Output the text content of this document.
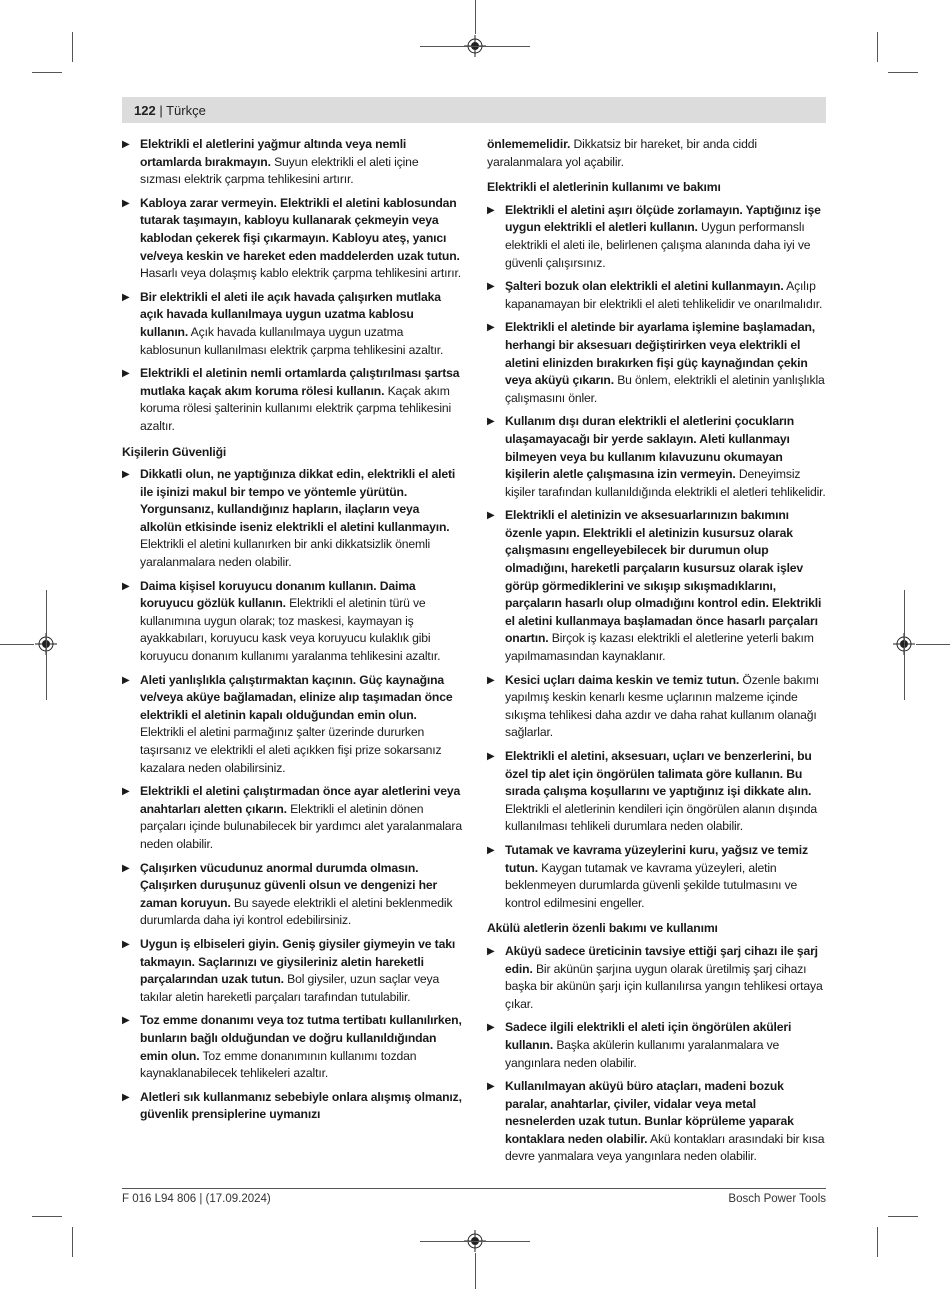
122 | Türkçe
▶ Elektrikli el aletlerini yağmur altında veya nemli ortamlarda bırakmayın. Suyun elektrikli el aleti içine sızması elektrik çarpma tehlikesini artırır.
▶ Kabloya zarar vermeyin. Elektrikli el aletini kablosundan tutarak taşımayın, kabloyu kullanarak çekmeyin veya kablodan çekerek fişi çıkarmayın. Kabloyu ateş, yanıcı ve/veya keskin ve hareket eden maddelerden uzak tutun. Hasarlı veya dolaşmış kablo elektrik çarpma tehlikesini artırır.
▶ Bir elektrikli el aleti ile açık havada çalışırken mutlaka açık havada kullanılmaya uygun uzatma kablosu kullanın. Açık havada kullanılmaya uygun uzatma kablosunun kullanılması elektrik çarpma tehlikesini azaltır.
▶ Elektrikli el aletinin nemli ortamlarda çalıştırılması şartsa mutlaka kaçak akım koruma rölesi kullanın. Kaçak akım koruma rölesi şalterinin kullanımı elektrik çarpma tehlikesini azaltır.
Kişilerin Güvenliği
▶ Dikkatli olun, ne yaptığınıza dikkat edin, elektrikli el aleti ile işinizi makul bir tempo ve yöntemle yürütün. Yorgunsanız, kullandığınız hapların, ilaçların veya alkolün etkisinde iseniz elektrikli el aletini kullanmayın. Elektrikli el aletini kullanırken bir anki dikkatsizlik önemli yaralanmalara neden olabilir.
▶ Daima kişisel koruyucu donanım kullanın. Daima koruyucu gözlük kullanın. Elektrikli el aletinin türü ve kullanımına uygun olarak; toz maskesi, kaymayan iş ayakkabıları, koruyucu kask veya koruyucu kulaklık gibi koruyucu donanım kullanımı yaralanma tehlikesini azaltır.
▶ Aleti yanlışlıkla çalıştırmaktan kaçının. Güç kaynağına ve/veya aküye bağlamadan, elinize alıp taşımadan önce elektrikli el aletinin kapalı olduğundan emin olun. Elektrikli el aletini parmağınız şalter üzerinde dururken taşırsanız ve elektrikli el aleti açıkken fişi prize sokarsanız kazalara neden olabilirsiniz.
▶ Elektrikli el aletini çalıştırmadan önce ayar aletlerini veya anahtarları aletten çıkarın. Elektrikli el aletinin dönen parçaları içinde bulunabilecek bir yardımcı alet yaralanmalara neden olabilir.
▶ Çalışırken vücudunuz anormal durumda olmasın. Çalışırken duruşunuz güvenli olsun ve dengenizi her zaman koruyun. Bu sayede elektrikli el aletini beklenmedik durumlarda daha iyi kontrol edebilirsiniz.
▶ Uygun iş elbiseleri giyin. Geniş giysiler giymeyin ve takı takmayın. Saçlarınızı ve giysileriniz aletin hareketli parçalarından uzak tutun. Bol giysiler, uzun saçlar veya takılar aletin hareketli parçaları tarafından tutulabilir.
▶ Toz emme donanımı veya toz tutma tertibatı kullanılırken, bunların bağlı olduğundan ve doğru kullanıldığından emin olun. Toz emme donanımının kullanımı tozdan kaynaklanabilecek tehlikeleri azaltır.
▶ Aletleri sık kullanmanız sebebiyle onlara alışmış olmanız, güvenlik prensiplerine uymanızı
önlememelidir. Dikkatsiz bir hareket, bir anda ciddi yaralanmalara yol açabilir.
Elektrikli el aletlerinin kullanımı ve bakımı
▶ Elektrikli el aletini aşırı ölçüde zorlamayın. Yaptığınız işe uygun elektrikli el aletleri kullanın. Uygun performanslı elektrikli el aleti ile, belirlenen çalışma alanında daha iyi ve güvenli çalışırsınız.
▶ Şalteri bozuk olan elektrikli el aletini kullanmayın. Açılıp kapanamayan bir elektrikli el aleti tehlikelidir ve onarılmalıdır.
▶ Elektrikli el aletinde bir ayarlama işlemine başlamadan, herhangi bir aksesuarı değiştirirken veya elektrikli el aletini elinizden bırakırken fişi güç kaynağından çekin veya aküyü çıkarın. Bu önlem, elektrikli el aletinin yanlışlıkla çalışmasını önler.
▶ Kullanım dışı duran elektrikli el aletlerini çocukların ulaşamayacağı bir yerde saklayın. Aleti kullanmayı bilmeyen veya bu kullanım kılavuzunu okumayan kişilerin aletle çalışmasına izin vermeyin. Deneyimsiz kişiler tarafından kullanıldığında elektrikli el aletleri tehlikelidir.
▶ Elektrikli el aletinizin ve aksesuarlarınızın bakımını özenle yapın. Elektrikli el aletinizin kusursuz olarak çalışmasını engelleyebilecek bir durumun olup olmadığını, hareketli parçaların kusursuz olarak işlev görüp görmediklerini ve sıkışıp sıkışmadıklarını, parçaların hasarlı olup olmadığını kontrol edin. Elektrikli el aletini kullanmaya başlamadan önce hasarlı parçaları onartın. Birçok iş kazası elektrikli el aletlerine yeterli bakım yapılmamasından kaynaklanır.
▶ Kesici uçları daima keskin ve temiz tutun. Özenle bakımı yapılmış keskin kenarlı kesme uçlarının malzeme içinde sıkışma tehlikesi daha azdır ve daha rahat kullanım olanağı sağlarlar.
▶ Elektrikli el aletini, aksesuarı, uçları ve benzerlerini, bu özel tip alet için öngörülen talimata göre kullanın. Bu sırada çalışma koşullarını ve yaptığınız işi dikkate alın. Elektrikli el aletlerinin kendileri için öngörülen alanın dışında kullanılması tehlikeli durumlara neden olabilir.
▶ Tutamak ve kavrama yüzeylerini kuru, yağsız ve temiz tutun. Kaygan tutamak ve kavrama yüzeyleri, aletin beklenmeyen durumlarda güvenli şekilde tutulmasını ve kontrol edilmesini engeller.
Akülü aletlerin özenli bakımı ve kullanımı
▶ Aküyü sadece üreticinin tavsiye ettiği şarj cihazı ile şarj edin. Bir akünün şarjına uygun olarak üretilmiş şarj cihazı başka bir akünün şarjı için kullanılırsa yangın tehlikesi ortaya çıkar.
▶ Sadece ilgili elektrikli el aleti için öngörülen aküleri kullanın. Başka akülerin kullanımı yaralanmalara ve yangınlara neden olabilir.
▶ Kullanılmayan aküyü büro ataçları, madeni bozuk paralar, anahtarlar, çiviler, vidalar veya metal nesnelerden uzak tutun. Bunlar köprüleme yaparak kontaklara neden olabilir. Akü kontakları arasındaki bir kısa devre yanmalara veya yangınlara neden olabilir.
F 016 L94 806 | (17.09.2024)	Bosch Power Tools
